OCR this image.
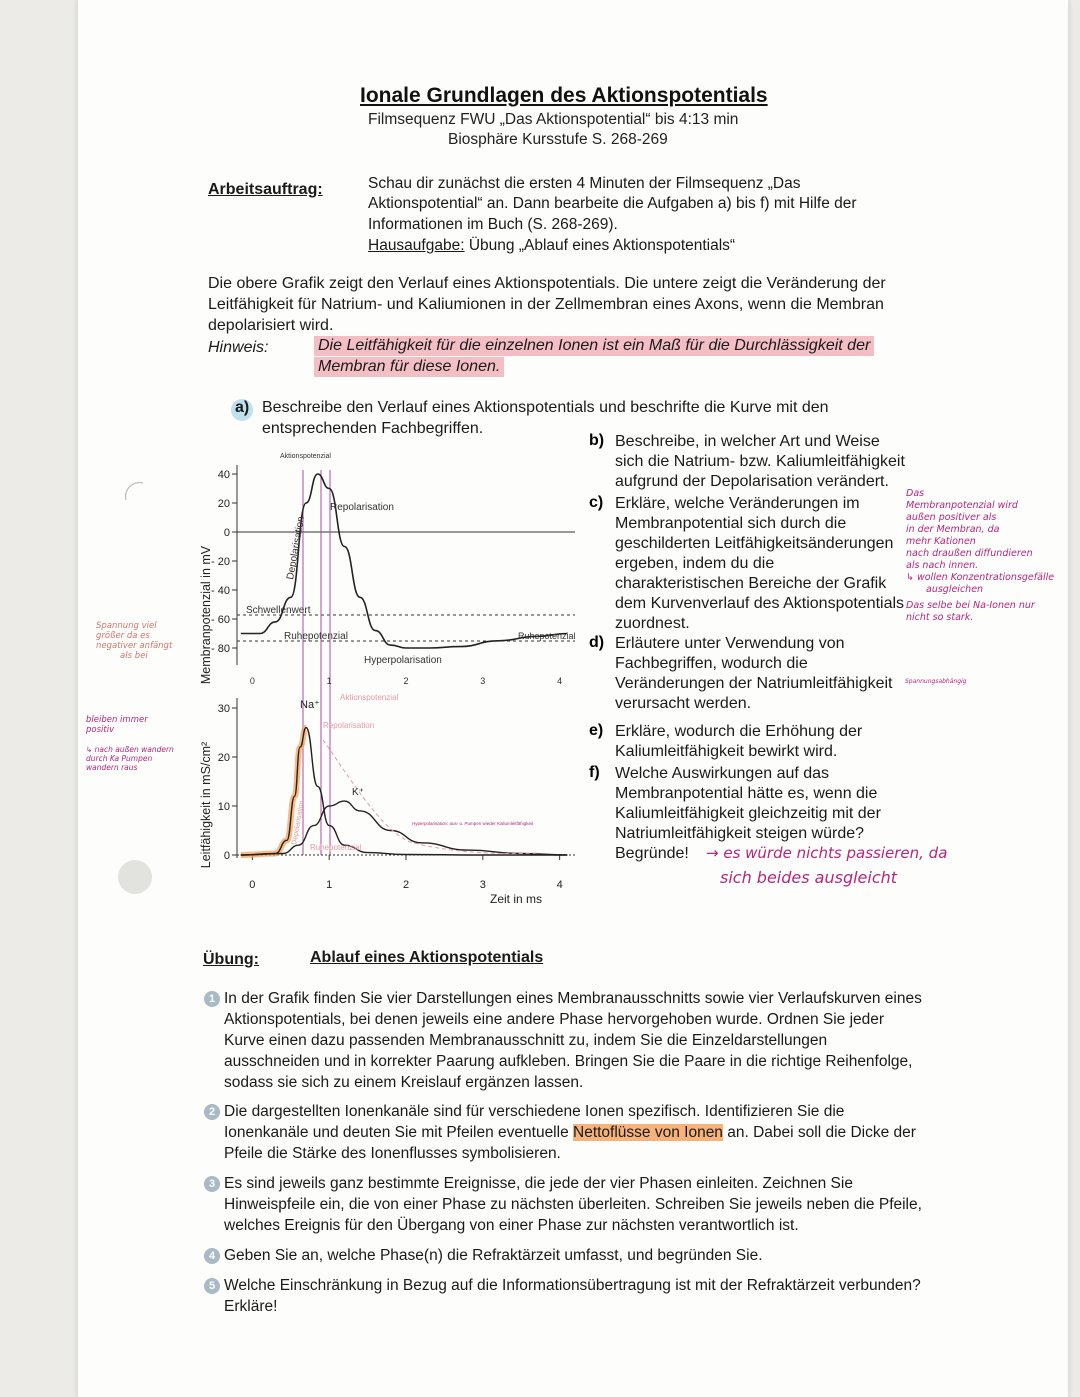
Ionale Grundlagen des Aktionspotentials
Filmsequenz FWU „Das Aktionspotential“ bis 4:13 min
Biosphäre Kursstufe S. 268-269
Arbeitsauftrag:	Schau dir zunächst die ersten 4 Minuten der Filmsequenz „Das
Aktionspotential“ an. Dann bearbeite die Aufgaben a) bis f) mit Hilfe der
Informationen im Buch (S. 268-269).
Hausaufgabe: Übung „Ablauf eines Aktionspotentials“
Die obere Grafik zeigt den Verlauf eines Aktionspotentials. Die untere zeigt die Veränderung der
Leitfähigkeit für Natrium- und Kaliumionen in der Zellmembran eines Axons, wenn die Membran
depolarisiert wird.
Hinweis:	Die Leitfähigkeit für die einzelnen Ionen ist ein Maß für die Durchlässigkeit der
Membran für diese Ionen.
a) Beschreibe den Verlauf eines Aktionspotentials und beschrifte die Kurve mit den
entsprechenden Fachbegriffen.
Membranpotenzial in mV
Leitfähigkeit in mS/cm²
40
20
0
- 20
- 40
- 60
- 80
Aktionspotenzial
Depolarisation
Repolarisation
Schwellenwert
Ruhepotenzial
Hyperpolarisation
Ruhepotenzial
0	1	2	3	4
30
20
10
0
0	1	2	3	4
Zeit in ms
Na⁺
K⁺
Aktionspotenzial
Repolarisation
Ruhepotenzial
Depolarisation	Hyperpolarisation: aus- u. Pumpen wieder Kaliumleitfähigkeit
b) Beschreibe, in welcher Art und Weise
sich die Natrium- bzw. Kaliumleitfähigkeit
aufgrund der Depolarisation verändert.
c) Erkläre, welche Veränderungen im
Membranpotential sich durch die
geschilderten Leitfähigkeitsänderungen
ergeben, indem du die
charakteristischen Bereiche der Grafik
dem Kurvenverlauf des Aktionspotentials
zuordnest.
d) Erläutere unter Verwendung von
Fachbegriffen, wodurch die
Veränderungen der Natriumleitfähigkeit
verursacht werden.
e) Erkläre, wodurch die Erhöhung der
Kaliumleitfähigkeit bewirkt wird.
f) Welche Auswirkungen auf das
Membranpotential hätte es, wenn die
Kaliumleitfähigkeit gleichzeitig mit der
Natriumleitfähigkeit steigen würde?
Begründe!
Das
Membranpotenzial wird
außen positiver als
in der Membran, da
mehr Kationen
nach draußen diffundieren
als nach innen.
↳ wollen Konzentrationsgefälle
ausgleichen
Das selbe bei Na-Ionen nur
nicht so stark.
Spannungsabhängig
→ es würde nichts passieren, da
sich beides ausgleicht
Spannung viel
größer da es
negativer anfängt
als bei
bleiben immer
positiv
↳ nach außen wandern
durch Ka Pumpen
wandern raus
Übung:	Ablauf eines Aktionspotentials
1 In der Grafik finden Sie vier Darstellungen eines Membranausschnitts sowie vier Verlaufskurven eines Aktionspotentials, bei denen jeweils eine andere Phase hervorgehoben wurde. Ordnen Sie jeder Kurve einen dazu passenden Membranausschnitt zu, indem Sie die Einzeldarstellungen ausschneiden und in korrekter Paarung aufkleben. Bringen Sie die Paare in die richtige Reihenfolge, sodass sie sich zu einem Kreislauf ergänzen lassen.
2 Die dargestellten Ionenkanäle sind für verschiedene Ionen spezifisch. Identifizieren Sie die Ionenkanäle und deuten Sie mit Pfeilen eventuelle Nettoflüsse von Ionen an. Dabei soll die Dicke der Pfeile die Stärke des Ionenflusses symbolisieren.
3 Es sind jeweils ganz bestimmte Ereignisse, die jede der vier Phasen einleiten. Zeichnen Sie Hinweispfeile ein, die von einer Phase zu nächsten überleiten. Schreiben Sie jeweils neben die Pfeile, welches Ereignis für den Übergang von einer Phase zur nächsten verantwortlich ist.
4 Geben Sie an, welche Phase(n) die Refraktärzeit umfasst, und begründen Sie.
5 Welche Einschränkung in Bezug auf die Informationsübertragung ist mit der Refraktärzeit verbunden? Erkläre!
